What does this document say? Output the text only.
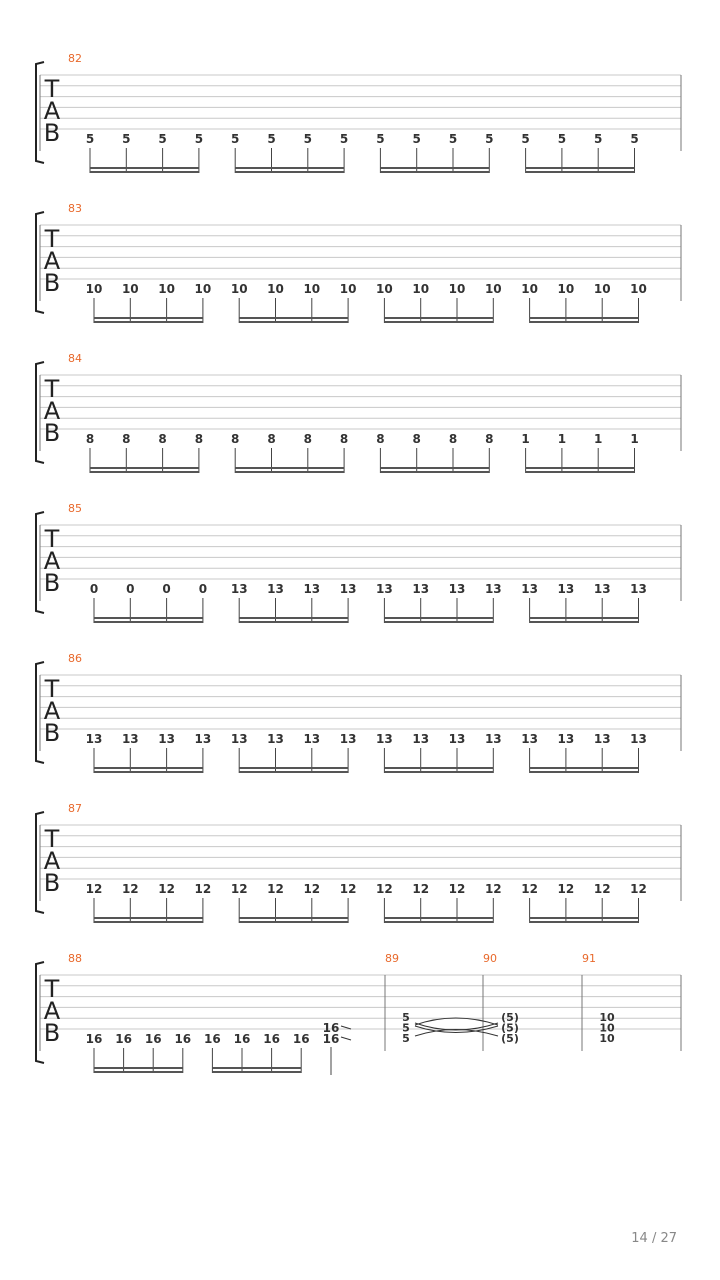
T
A
B
82
5 5 5 5 5 5 5 5 5 5 5 5 5 5 5 5
T
A
B
83
10 10 10 10 10 10 10 10 10 10 10 10 10 10 10 10
T
A
B
84
8 8 8 8 8 8 8 8 8 8 8 8 1 1 1 1
T
A
B
85
0 0 0 0 13 13 13 13 13 13 13 13 13 13 13 13
T
A
B
86
13 13 13 13 13 13 13 13 13 13 13 13 13 13 13 13
T
A
B
87
12 12 12 12 12 12 12 12 12 12 12 12 12 12 12 12
T
A
B
88	89	90	91
16 16 16 16 16 16 16 16
16
16
5
5
5
(5)
(5)
(5)
10
10
10
14 / 27
